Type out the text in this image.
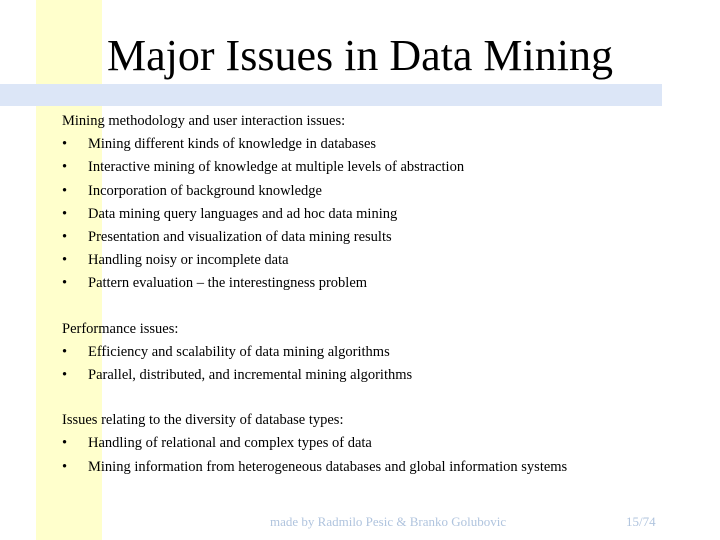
Major Issues in Data Mining
Mining methodology and user interaction issues:
• Mining different kinds of knowledge in databases
• Interactive mining of knowledge at multiple levels of abstraction
• Incorporation of background knowledge
• Data mining query languages and ad hoc data mining
• Presentation and visualization of data mining results
• Handling noisy or incomplete data
• Pattern evaluation – the interestingness problem
Performance issues:
• Efficiency and scalability of data mining algorithms
• Parallel, distributed, and incremental mining algorithms
Issues relating to the diversity of database types:
• Handling of relational and complex types of data
• Mining information from heterogeneous databases and global information systems
made by Radmilo Pesic & Branko Golubovic	15/74
